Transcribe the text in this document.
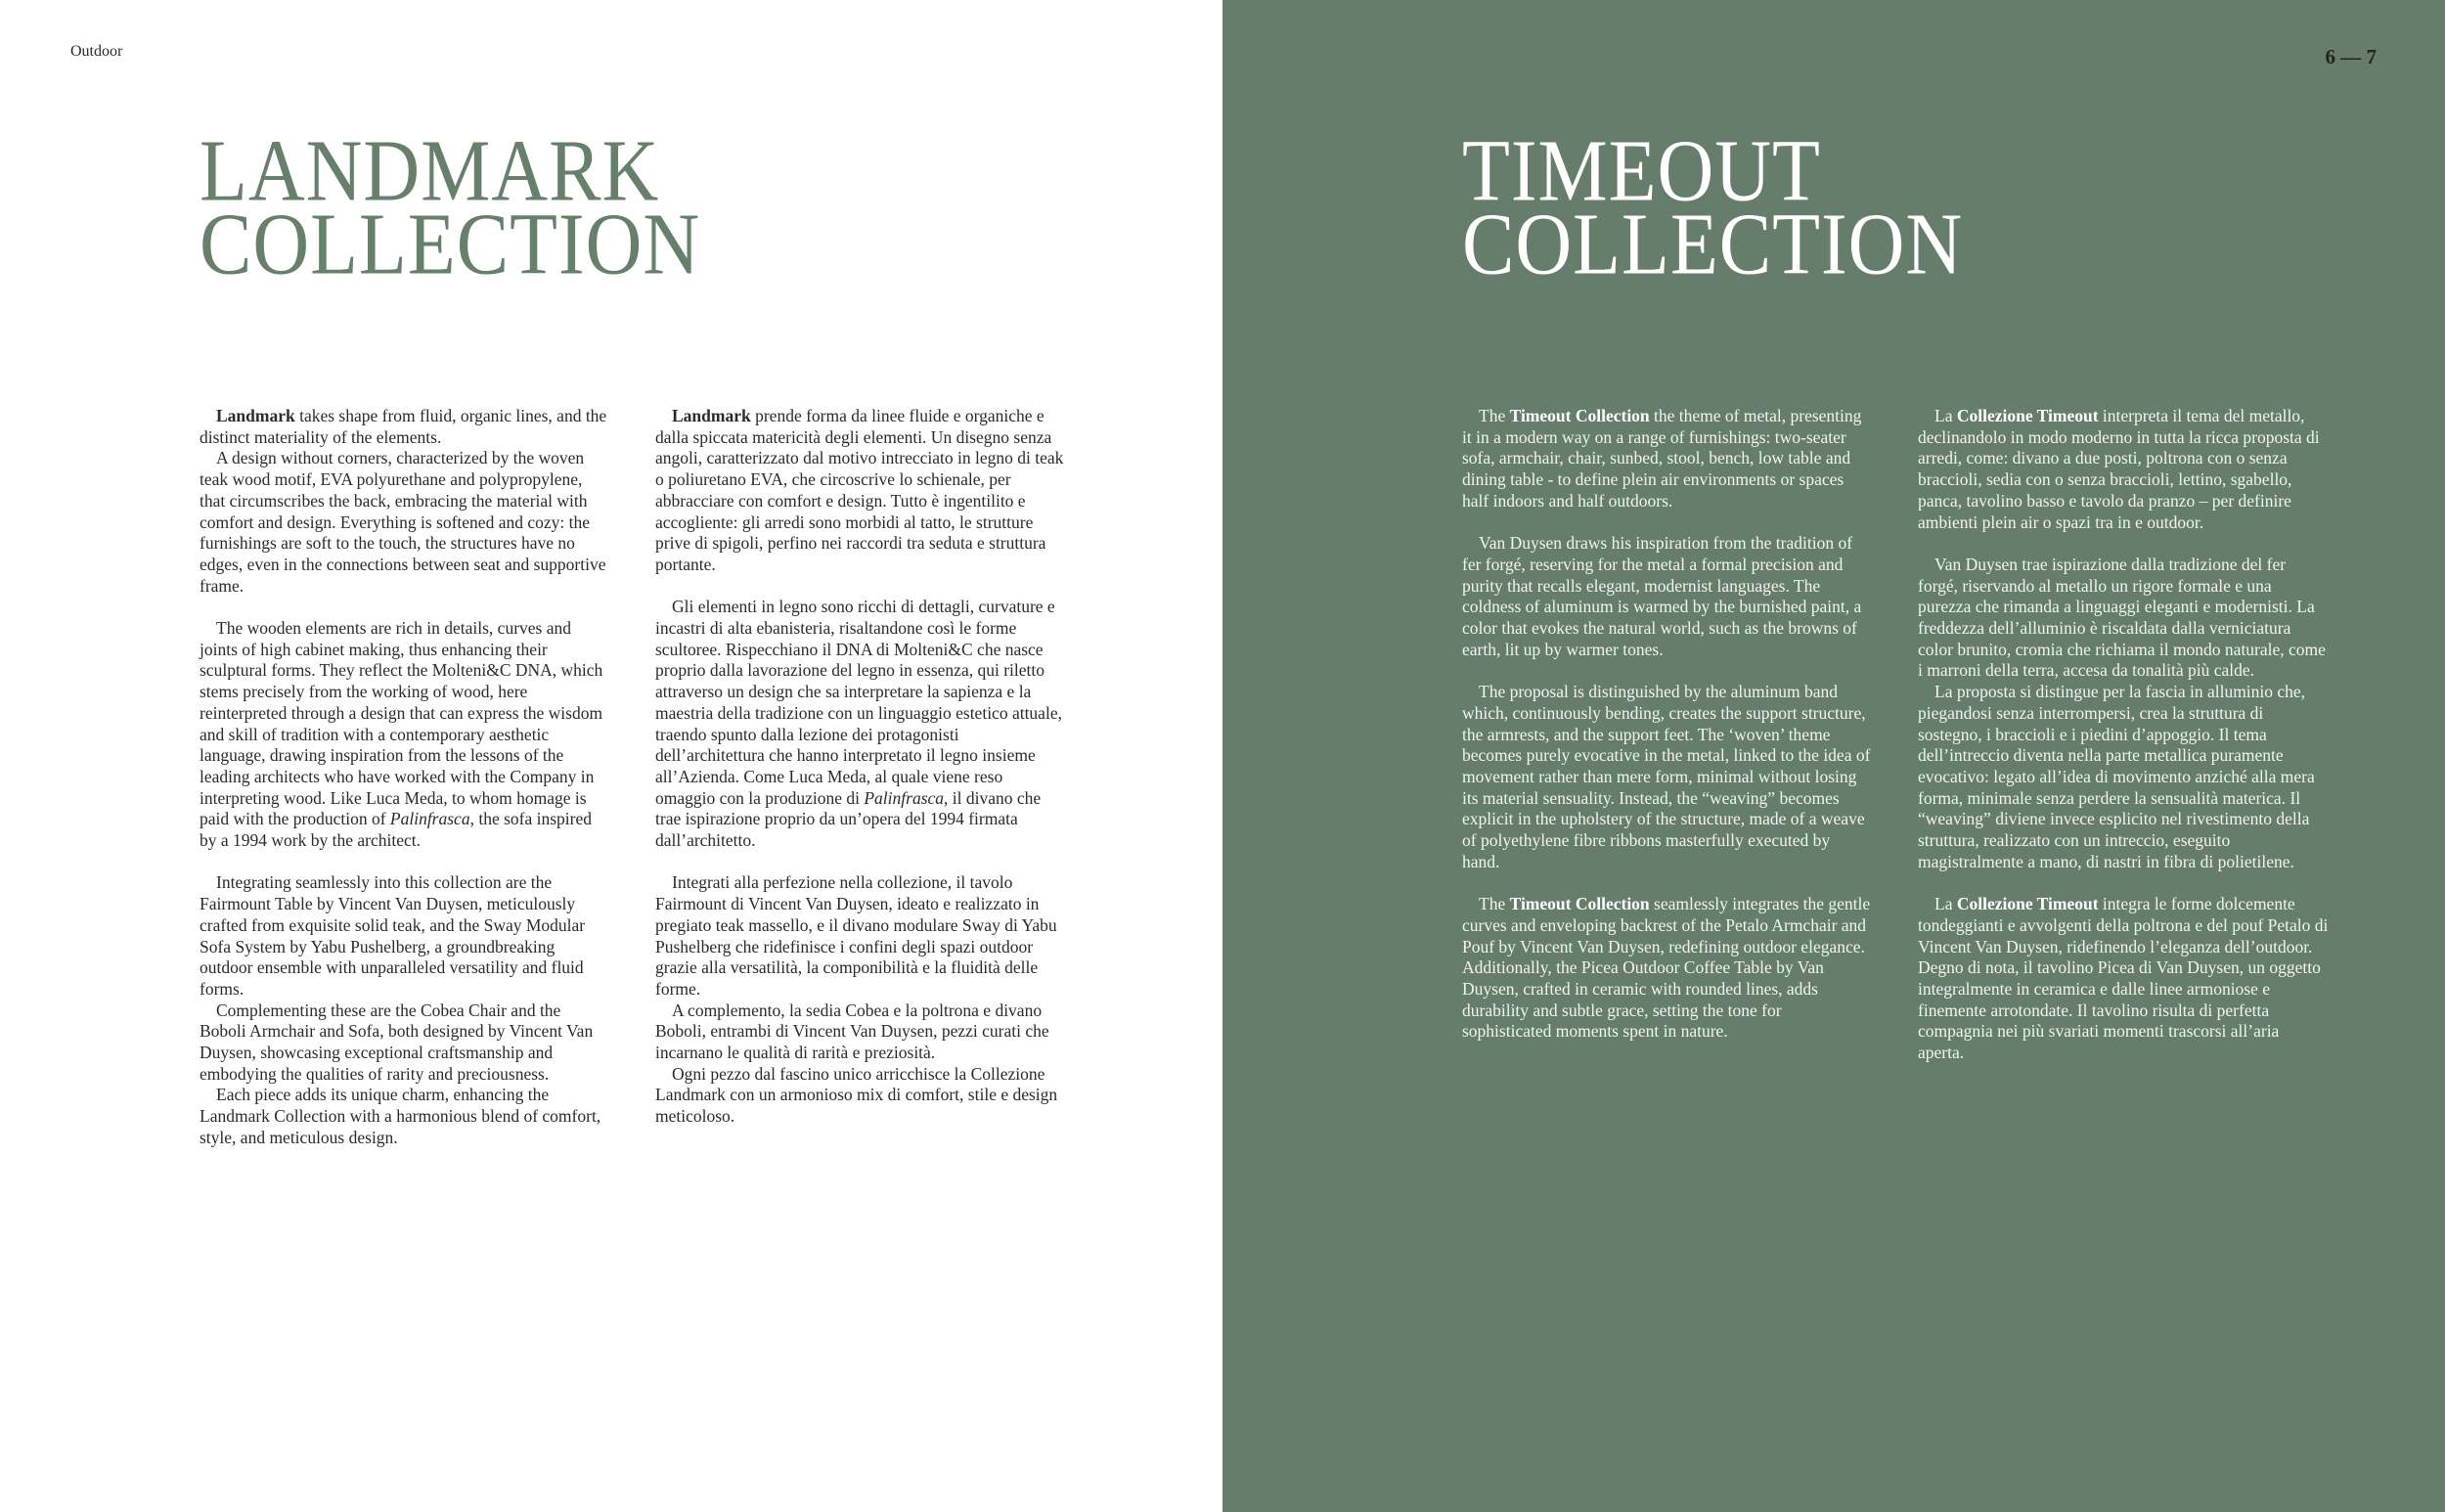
Outdoor

LANDMARK
COLLECTION

Landmark takes shape from fluid, organic lines, and the distinct materiality of the elements.

A design without corners, characterized by the woven teak wood motif, EVA polyurethane and polypropylene, that circumscribes the back, embracing the material with comfort and design. Everything is softened and cozy: the furnishings are soft to the touch, the structures have no edges, even in the connections between seat and supportive frame.

The wooden elements are rich in details, curves and joints of high cabinet making, thus enhancing their sculptural forms. They reflect the Molteni&C DNA, which stems precisely from the working of wood, here reinterpreted through a design that can express the wisdom and skill of tradition with a contemporary aesthetic language, drawing inspiration from the lessons of the leading architects who have worked with the Company in interpreting wood. Like Luca Meda, to whom homage is paid with the production of Palinfrasca, the sofa inspired by a 1994 work by the architect.

Integrating seamlessly into this collection are the Fairmount Table by Vincent Van Duysen, meticulously crafted from exquisite solid teak, and the Sway Modular Sofa System by Yabu Pushelberg, a groundbreaking outdoor ensemble with unparalleled versatility and fluid forms.

Complementing these are the Cobea Chair and the Boboli Armchair and Sofa, both designed by Vincent Van Duysen, showcasing exceptional craftsmanship and embodying the qualities of rarity and preciousness.

Each piece adds its unique charm, enhancing the Landmark Collection with a harmonious blend of comfort, style, and meticulous design.

Landmark prende forma da linee fluide e organiche e dalla spiccata matericità degli elementi. Un disegno senza angoli, caratterizzato dal motivo intrecciato in legno di teak o poliuretano EVA, che circoscrive lo schienale, per abbracciare con comfort e design. Tutto è ingentilito e accogliente: gli arredi sono morbidi al tatto, le strutture prive di spigoli, perfino nei raccordi tra seduta e struttura portante.

Gli elementi in legno sono ricchi di dettagli, curvature e incastri di alta ebanisteria, risaltandone così le forme scultoree. Rispecchiano il DNA di Molteni&C che nasce proprio dalla lavorazione del legno in essenza, qui riletto attraverso un design che sa interpretare la sapienza e la maestria della tradizione con un linguaggio estetico attuale, traendo spunto dalla lezione dei protagonisti dell’architettura che hanno interpretato il legno insieme all’Azienda. Come Luca Meda, al quale viene reso omaggio con la produzione di Palinfrasca, il divano che trae ispirazione proprio da un’opera del 1994 firmata dall’architetto.

Integrati alla perfezione nella collezione, il tavolo Fairmount di Vincent Van Duysen, ideato e realizzato in pregiato teak massello, e il divano modulare Sway di Yabu Pushelberg che ridefinisce i confini degli spazi outdoor grazie alla versatilità, la componibilità e la fluidità delle forme.

A complemento, la sedia Cobea e la poltrona e divano Boboli, entrambi di Vincent Van Duysen, pezzi curati che incarnano le qualità di rarità e preziosità.

Ogni pezzo dal fascino unico arricchisce la Collezione Landmark con un armonioso mix di comfort, stile e design meticoloso.

6 — 7

TIMEOUT
COLLECTION

The Timeout Collection the theme of metal, presenting it in a modern way on a range of furnishings: two-seater sofa, armchair, chair, sunbed, stool, bench, low table and dining table - to define plein air environments or spaces half indoors and half outdoors.

Van Duysen draws his inspiration from the tradition of fer forgé, reserving for the metal a formal precision and purity that recalls elegant, modernist languages. The coldness of aluminum is warmed by the burnished paint, a color that evokes the natural world, such as the browns of earth, lit up by warmer tones.

The proposal is distinguished by the aluminum band which, continuously bending, creates the support structure, the armrests, and the support feet. The ‘woven’ theme becomes purely evocative in the metal, linked to the idea of movement rather than mere form, minimal without losing its material sensuality. Instead, the “weaving” becomes explicit in the upholstery of the structure, made of a weave of polyethylene fibre ribbons masterfully executed by hand.

The Timeout Collection seamlessly integrates the gentle curves and enveloping backrest of the Petalo Armchair and Pouf by Vincent Van Duysen, redefining outdoor elegance. Additionally, the Picea Outdoor Coffee Table by Van Duysen, crafted in ceramic with rounded lines, adds durability and subtle grace, setting the tone for sophisticated moments spent in nature.

La Collezione Timeout interpreta il tema del metallo, declinandolo in modo moderno in tutta la ricca proposta di arredi, come: divano a due posti, poltrona con o senza braccioli, sedia con o senza braccioli, lettino, sgabello, panca, tavolino basso e tavolo da pranzo – per definire ambienti plein air o spazi tra in e outdoor.

Van Duysen trae ispirazione dalla tradizione del fer forgé, riservando al metallo un rigore formale e una purezza che rimanda a linguaggi eleganti e modernisti. La freddezza dell’alluminio è riscaldata dalla verniciatura color brunito, cromia che richiama il mondo naturale, come i marroni della terra, accesa da tonalità più calde.

La proposta si distingue per la fascia in alluminio che, piegandosi senza interrompersi, crea la struttura di sostegno, i braccioli e i piedini d’appoggio. Il tema dell’intreccio diventa nella parte metallica puramente evocativo: legato all’idea di movimento anziché alla mera forma, minimale senza perdere la sensualità materica. Il “weaving” diviene invece esplicito nel rivestimento della struttura, realizzato con un intreccio, eseguito magistralmente a mano, di nastri in fibra di polietilene.

La Collezione Timeout integra le forme dolcemente tondeggianti e avvolgenti della poltrona e del pouf Petalo di Vincent Van Duysen, ridefinendo l’eleganza dell’outdoor. Degno di nota, il tavolino Picea di Van Duysen, un oggetto integralmente in ceramica e dalle linee armoniose e finemente arrotondate. Il tavolino risulta di perfetta compagnia nei più svariati momenti trascorsi all’aria aperta.
